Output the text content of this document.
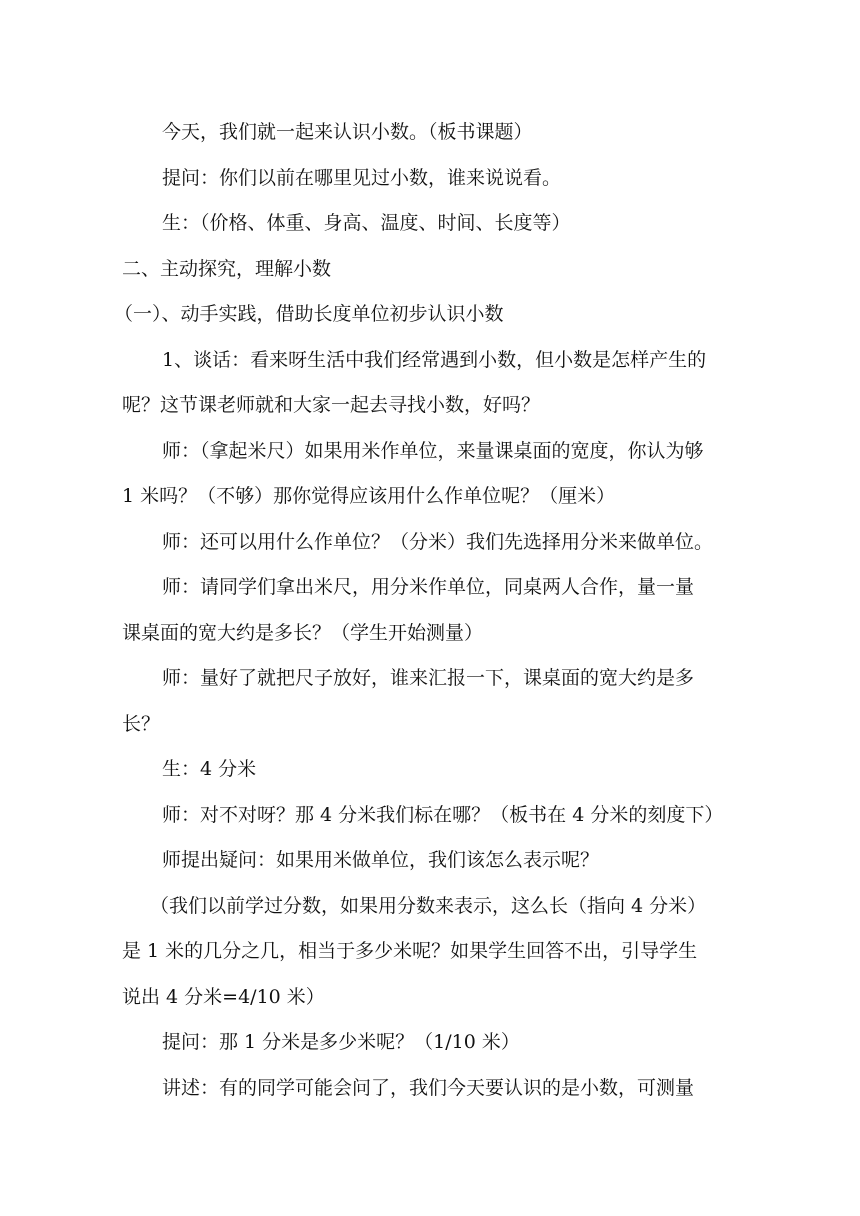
今天，我们就一起来认识小数。（板书课题）
提问：你们以前在哪里见过小数，谁来说说看。
生：（价格、体重、身高、温度、时间、长度等）
二、主动探究，理解小数
（一）、动手实践，借助长度单位初步认识小数
1、谈话：看来呀生活中我们经常遇到小数，但小数是怎样产生的
呢？这节课老师就和大家一起去寻找小数，好吗？
师：（拿起米尺）如果用米作单位，来量课桌面的宽度，你认为够
1 米吗？（不够）那你觉得应该用什么作单位呢？（厘米）
师：还可以用什么作单位？（分米）我们先选择用分米来做单位。
师：请同学们拿出米尺，用分米作单位，同桌两人合作，量一量
课桌面的宽大约是多长？（学生开始测量）
师：量好了就把尺子放好，谁来汇报一下，课桌面的宽大约是多
长？
生：4 分米
师：对不对呀？那 4 分米我们标在哪？（板书在 4 分米的刻度下）
师提出疑问：如果用米做单位，我们该怎么表示呢？
（我们以前学过分数，如果用分数来表示，这么长（指向 4 分米）
是 1 米的几分之几，相当于多少米呢？如果学生回答不出，引导学生
说出 4 分米=4/10 米）
提问：那 1 分米是多少米呢？（1/10 米）
讲述：有的同学可能会问了，我们今天要认识的是小数，可测量
